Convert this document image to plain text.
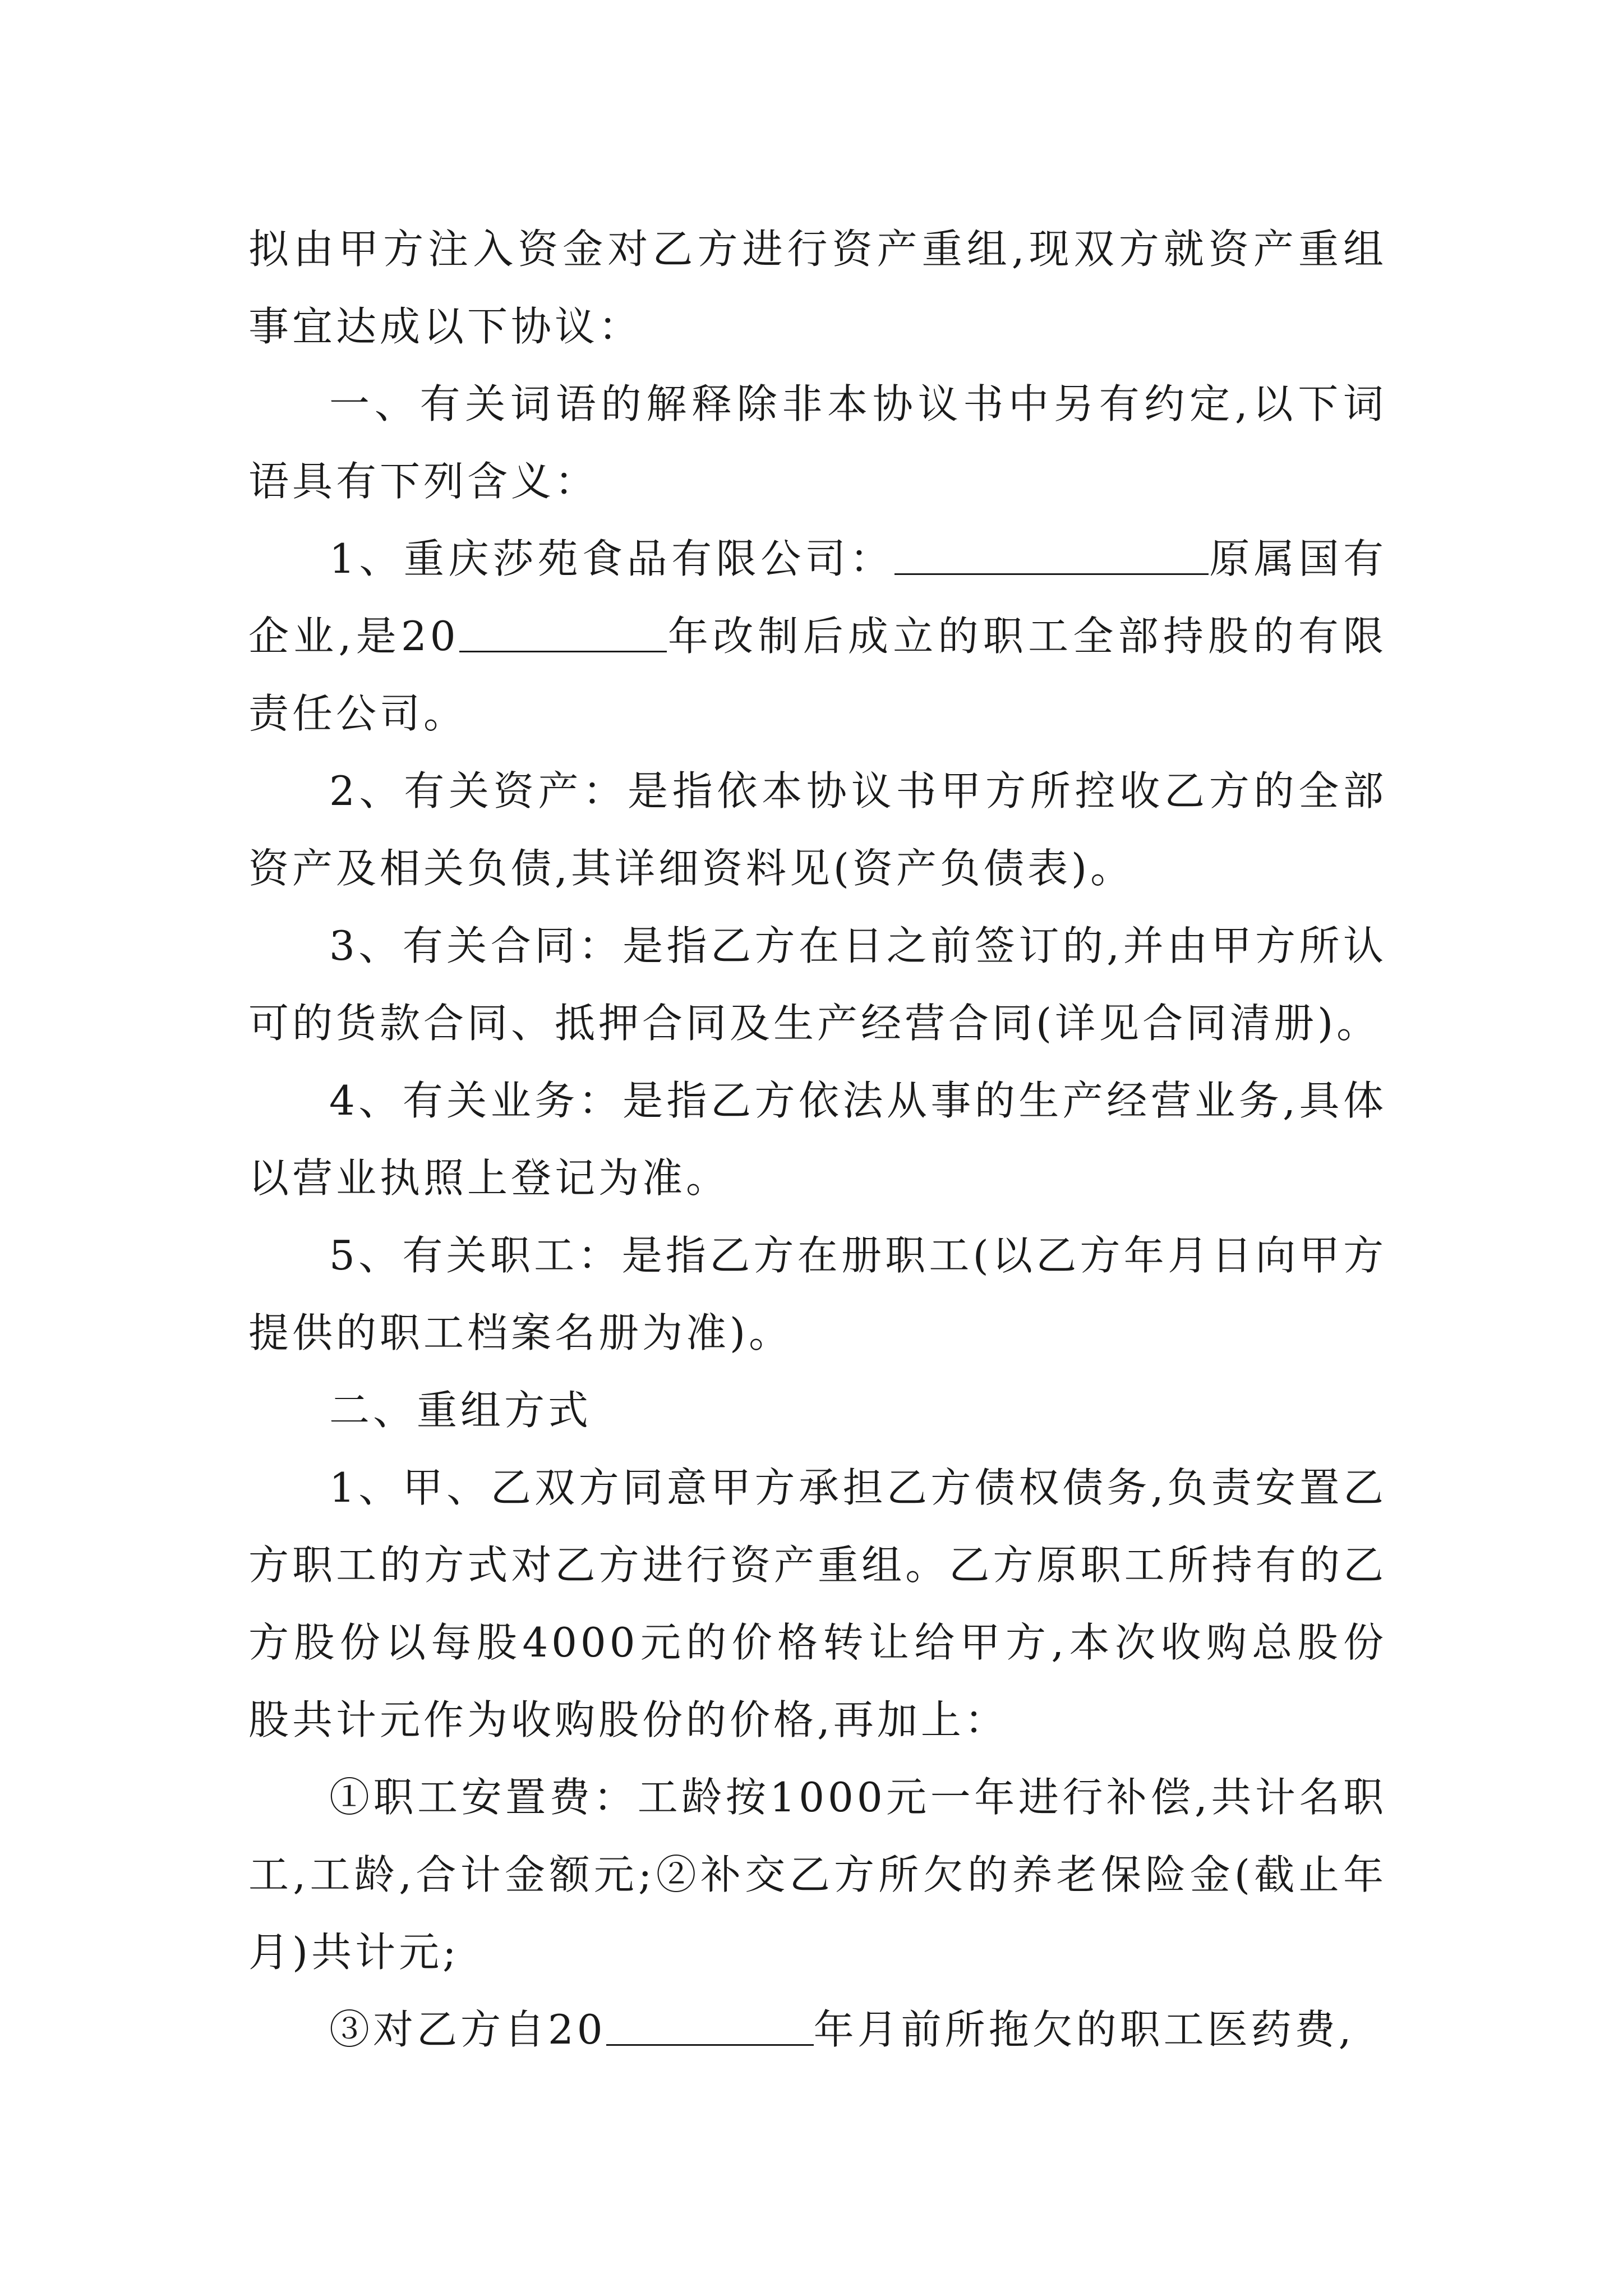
拟由甲方注入资金对乙方进行资产重组,现双方就资产重组事宜达成以下协议：

一、有关词语的解释除非本协议书中另有约定,以下词语具有下列含义：

1、重庆莎苑食品有限公司：	原属国有企业,是20	年改制后成立的职工全部持股的有限责任公司。

2、有关资产：是指依本协议书甲方所控收乙方的全部资产及相关负债,其详细资料见(资产负债表)。

3、有关合同：是指乙方在日之前签订的,并由甲方所认可的货款合同、抵押合同及生产经营合同(详见合同清册)。

4、有关业务：是指乙方依法从事的生产经营业务,具体以营业执照上登记为准。

5、有关职工：是指乙方在册职工(以乙方年月日向甲方提供的职工档案名册为准)。

二、重组方式

1、甲、乙双方同意甲方承担乙方债权债务,负责安置乙方职工的方式对乙方进行资产重组。乙方原职工所持有的乙方股份以每股4000元的价格转让给甲方,本次收购总股份股共计元作为收购股份的价格,再加上：

①职工安置费：工龄按1000元一年进行补偿,共计名职工,工龄,合计金额元;②补交乙方所欠的养老保险金(截止年月)共计元;

③对乙方自20	年月前所拖欠的职工医药费,
